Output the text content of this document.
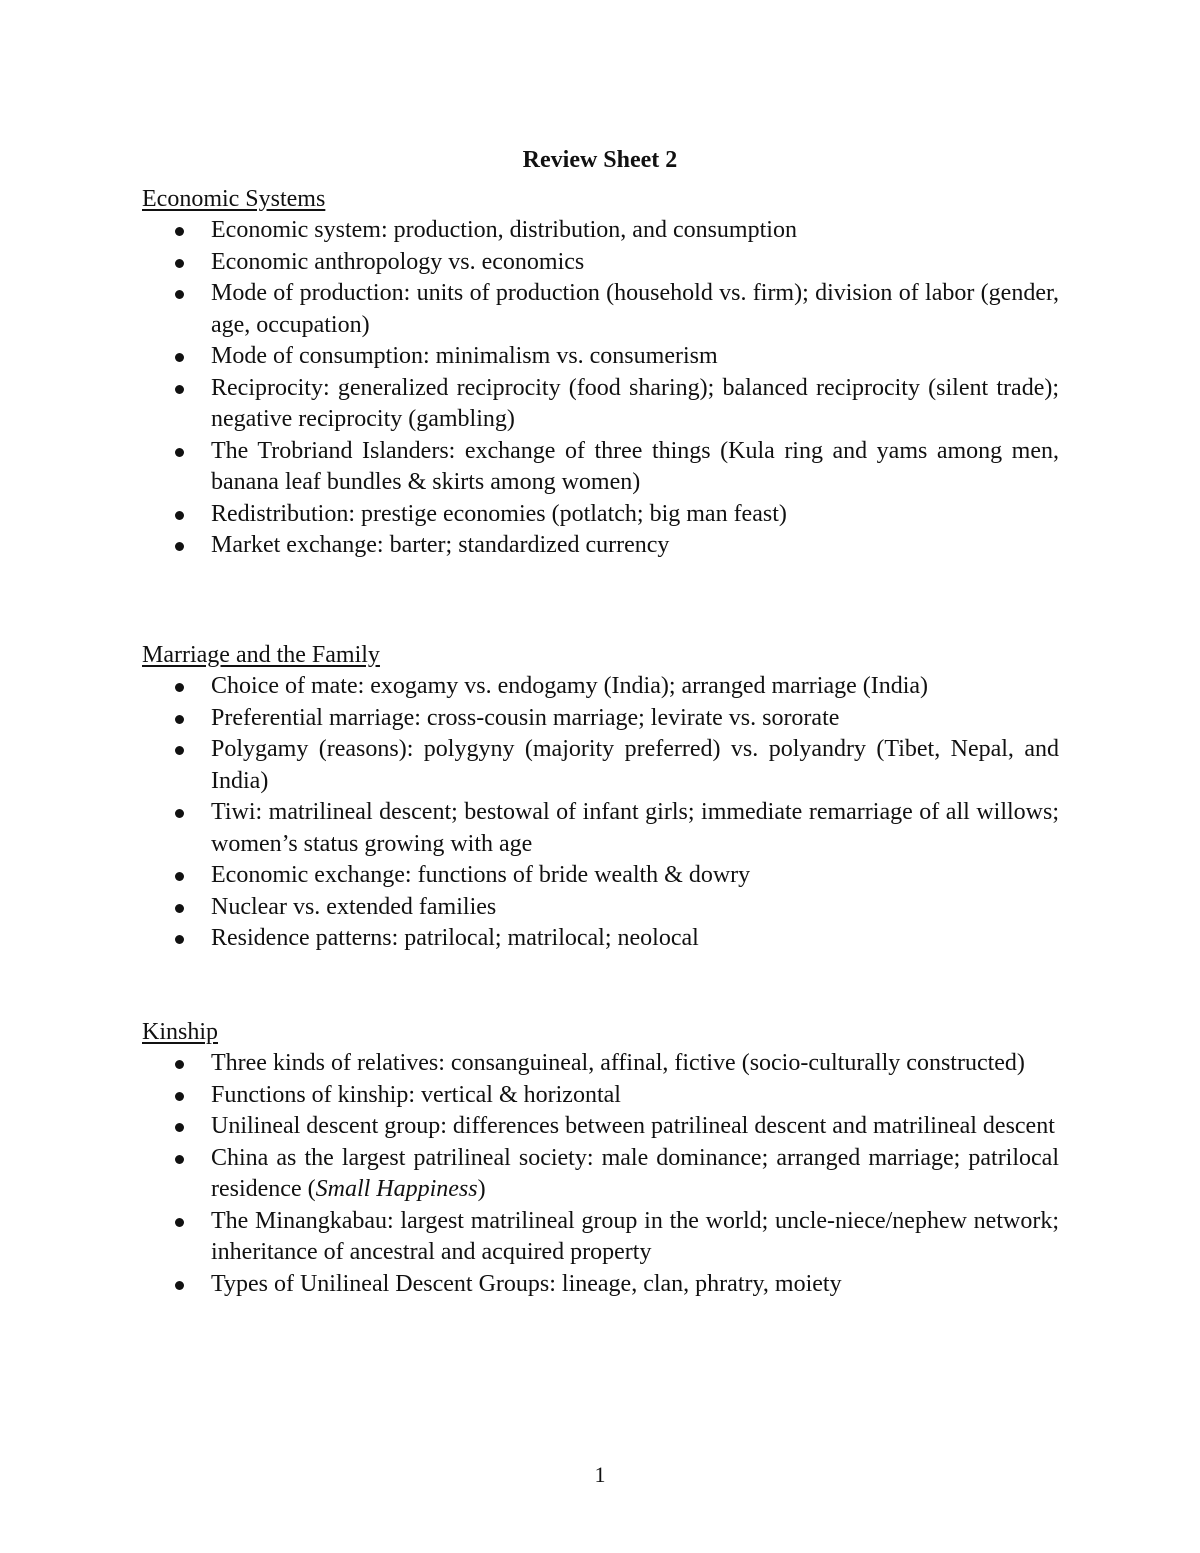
Review Sheet 2
Economic Systems
Economic system: production, distribution, and consumption
Economic anthropology vs. economics
Mode of production: units of production (household vs. firm); division of labor (gender, age, occupation)
Mode of consumption: minimalism vs. consumerism
Reciprocity: generalized reciprocity (food sharing); balanced reciprocity (silent trade); negative reciprocity (gambling)
The Trobriand Islanders: exchange of three things (Kula ring and yams among men, banana leaf bundles & skirts among women)
Redistribution: prestige economies (potlatch; big man feast)
Market exchange: barter; standardized currency
Marriage and the Family
Choice of mate: exogamy vs. endogamy (India); arranged marriage (India)
Preferential marriage: cross-cousin marriage; levirate vs. sororate
Polygamy (reasons): polygyny (majority preferred) vs. polyandry (Tibet, Nepal, and India)
Tiwi: matrilineal descent; bestowal of infant girls; immediate remarriage of all willows; women’s status growing with age
Economic exchange: functions of bride wealth & dowry
Nuclear vs. extended families
Residence patterns: patrilocal; matrilocal; neolocal
Kinship
Three kinds of relatives: consanguineal, affinal, fictive (socio-culturally constructed)
Functions of kinship: vertical & horizontal
Unilineal descent group: differences between patrilineal descent and matrilineal descent
China as the largest patrilineal society: male dominance; arranged marriage; patrilocal residence (Small Happiness)
The Minangkabau: largest matrilineal group in the world; uncle-niece/nephew network; inheritance of ancestral and acquired property
Types of Unilineal Descent Groups: lineage, clan, phratry, moiety
1
